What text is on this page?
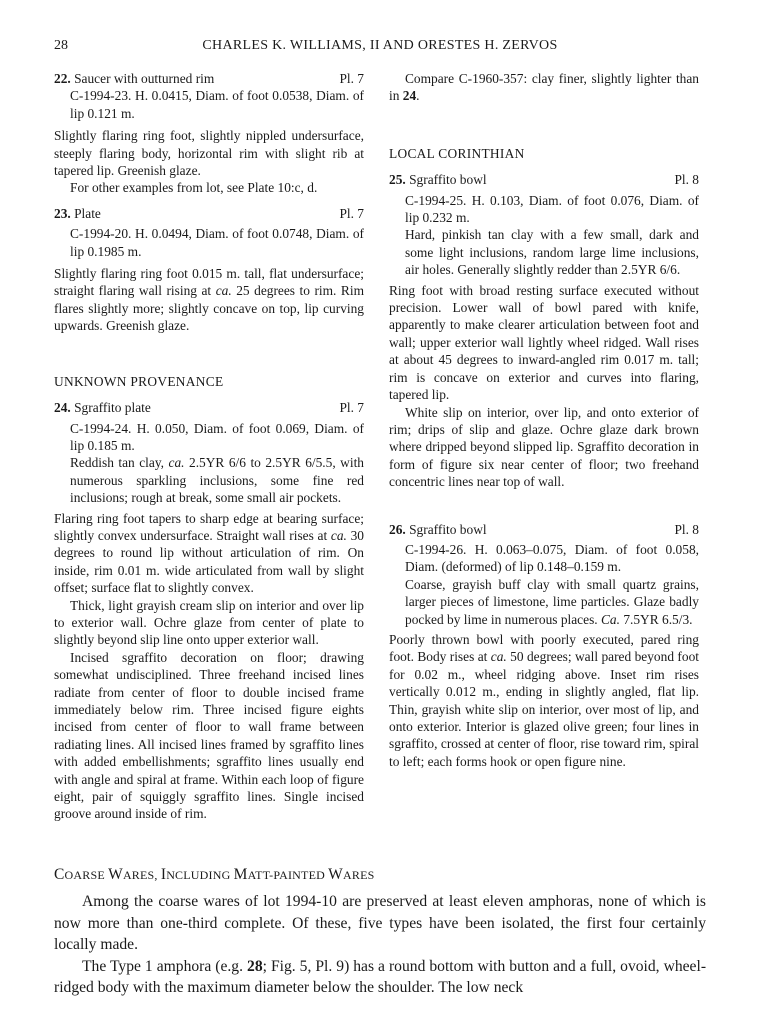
28	CHARLES K. WILLIAMS, II AND ORESTES H. ZERVOS
22. Saucer with outturned rim	Pl. 7

C-1994-23. H. 0.0415, Diam. of foot 0.0538, Diam. of lip 0.121 m.

Slightly flaring ring foot, slightly nippled undersurface, steeply flaring body, horizontal rim with slight rib at tapered lip. Greenish glaze.

For other examples from lot, see Plate 10:c, d.

23. Plate	Pl. 7

C-1994-20. H. 0.0494, Diam. of foot 0.0748, Diam. of lip 0.1985 m.

Slightly flaring ring foot 0.015 m. tall, flat undersurface; straight flaring wall rising at ca. 25 degrees to rim. Rim flares slightly more; slightly concave on top, lip curving upwards. Greenish glaze.

UNKNOWN PROVENANCE

24. Sgraffito plate	Pl. 7

C-1994-24. H. 0.050, Diam. of foot 0.069, Diam. of lip 0.185 m.

Reddish tan clay, ca. 2.5YR 6/6 to 2.5YR 6/5.5, with numerous sparkling inclusions, some fine red inclusions; rough at break, some small air pockets.

Flaring ring foot tapers to sharp edge at bearing surface; slightly convex undersurface. Straight wall rises at ca. 30 degrees to round lip without articulation of rim. On inside, rim 0.01 m. wide articulated from wall by slight offset; surface flat to slightly convex.

Thick, light grayish cream slip on interior and over lip to exterior wall. Ochre glaze from center of plate to slightly beyond slip line onto upper exterior wall.

Incised sgraffito decoration on floor; drawing somewhat undisciplined. Three freehand incised lines radiate from center of floor to double incised frame immediately below rim. Three incised figure eights incised from center of floor to wall frame between radiating lines. All incised lines framed by sgraffito lines with added embellishments; sgraffito lines usually end with angle and spiral at frame. Within each loop of figure eight, pair of squiggly sgraffito lines. Single incised groove around inside of rim.

Compare C-1960-357: clay finer, slightly lighter than in 24.

LOCAL CORINTHIAN

25. Sgraffito bowl	Pl. 8

C-1994-25. H. 0.103, Diam. of foot 0.076, Diam. of lip 0.232 m.

Hard, pinkish tan clay with a few small, dark and some light inclusions, random large lime inclusions, air holes. Generally slightly redder than 2.5YR 6/6.

Ring foot with broad resting surface executed without precision. Lower wall of bowl pared with knife, apparently to make clearer articulation between foot and wall; upper exterior wall lightly wheel ridged. Wall rises at about 45 degrees to inward-angled rim 0.017 m. tall; rim is concave on exterior and curves into flaring, tapered lip.

White slip on interior, over lip, and onto exterior of rim; drips of slip and glaze. Ochre glaze dark brown where dripped beyond slipped lip. Sgraffito decoration in form of figure six near center of floor; two freehand concentric lines near top of wall.

26. Sgraffito bowl	Pl. 8

C-1994-26. H. 0.063–0.075, Diam. of foot 0.058, Diam. (deformed) of lip 0.148–0.159 m.

Coarse, grayish buff clay with small quartz grains, larger pieces of limestone, lime particles. Glaze badly pocked by lime in numerous places. Ca. 7.5YR 6.5/3.

Poorly thrown bowl with poorly executed, pared ring foot. Body rises at ca. 50 degrees; wall pared beyond foot for 0.02 m., wheel ridging above. Inset rim rises vertically 0.012 m., ending in slightly angled, flat lip. Thin, grayish white slip on interior, over most of lip, and onto exterior. Interior is glazed olive green; four lines in sgraffito, crossed at center of floor, rise toward rim, spiral to left; each forms hook or open figure nine.

COARSE WARES, INCLUDING MATT-PAINTED WARES

Among the coarse wares of lot 1994-10 are preserved at least eleven amphoras, none of which is now more than one-third complete. Of these, five types have been isolated, the first four certainly locally made.

The Type 1 amphora (e.g. 28; Fig. 5, Pl. 9) has a round bottom with button and a full, ovoid, wheel-ridged body with the maximum diameter below the shoulder. The low neck
